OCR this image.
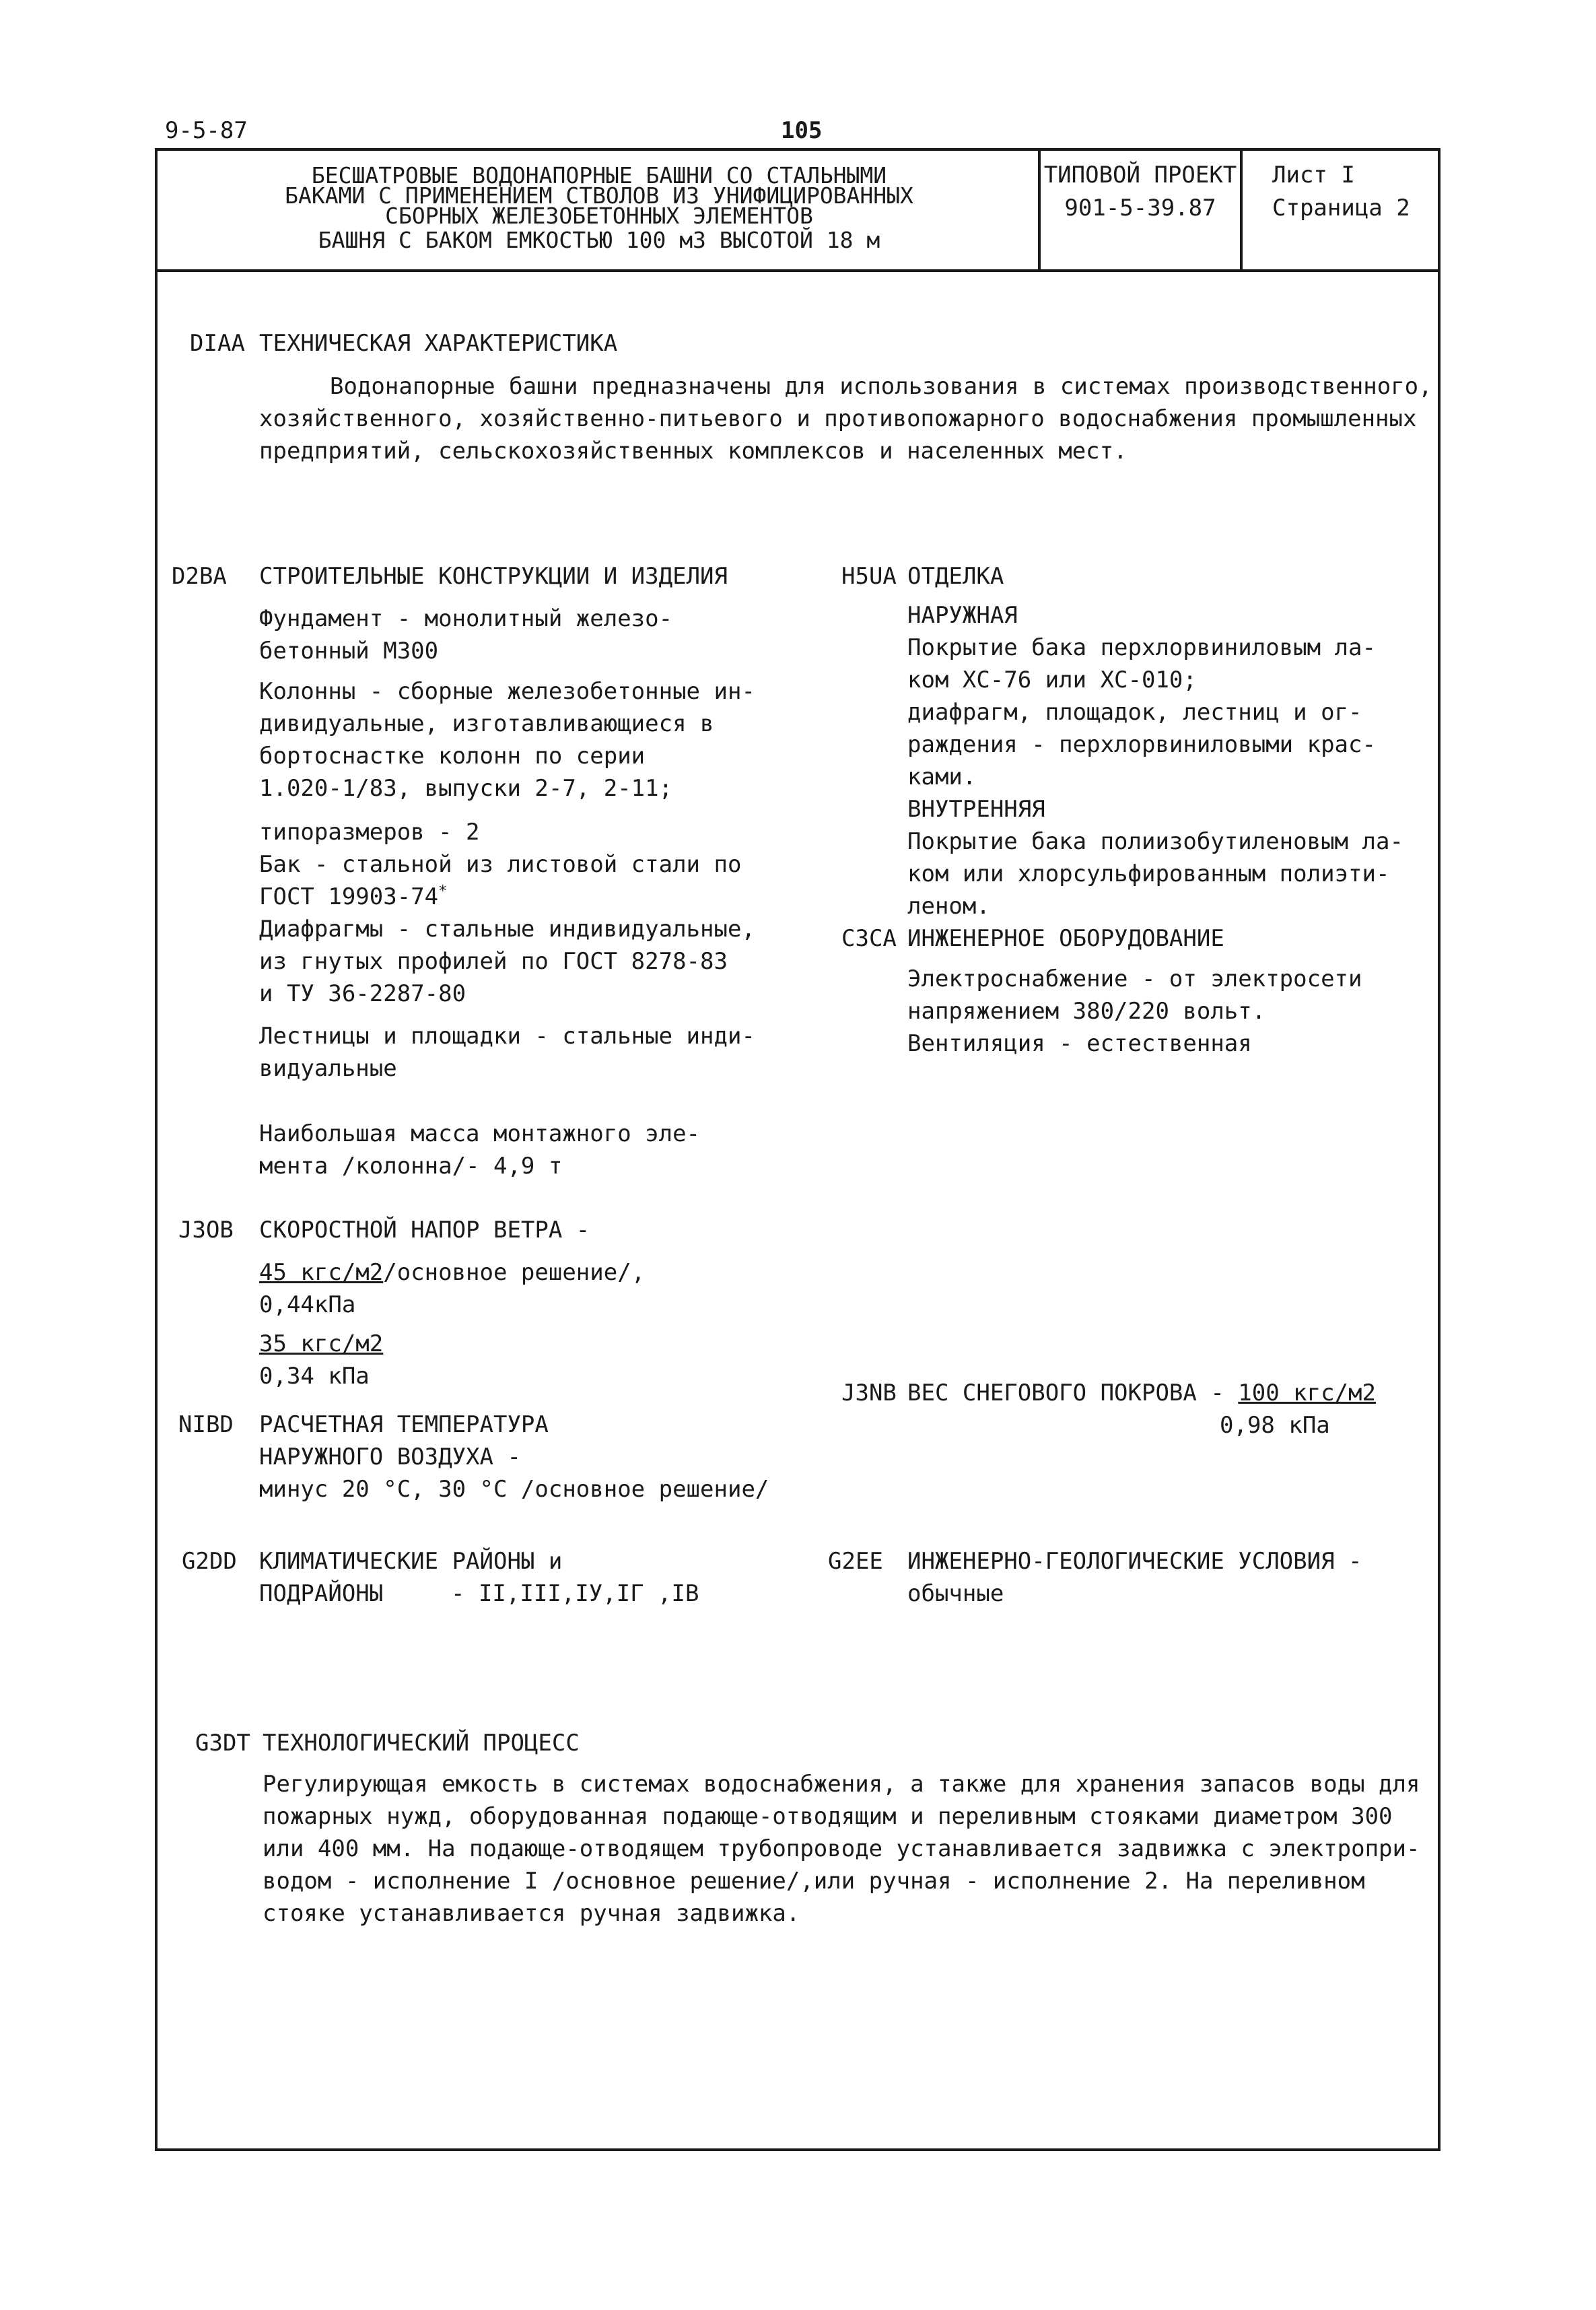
9-5-87	105
БЕСШАТРОВЫЕ ВОДОНАПОРНЫЕ БАШНИ СО СТАЛЬНЫМИ
БАКАМИ С ПРИМЕНЕНИЕМ СТВОЛОВ ИЗ УНИФИЦИРОВАННЫХ
СБОРНЫХ ЖЕЛЕЗОБЕТОННЫХ ЭЛЕМЕНТОВ
БАШНЯ С БАКОМ ЕМКОСТЬЮ 100 м3 ВЫСОТОЙ 18 м
ТИПОВОЙ ПРОЕКТ
901-5-39.87
Лист I
Страница 2
DIAA ТЕХНИЧЕСКАЯ ХАРАКТЕРИСТИКА
Водонапорные башни предназначены для использования в системах производственного,
хозяйственного, хозяйственно-питьевого и противопожарного водоснабжения промышленных
предприятий, сельскохозяйственных комплексов и населенных мест.
D2BA СТРОИТЕЛЬНЫЕ КОНСТРУКЦИИ И ИЗДЕЛИЯ
Фундамент - монолитный железо-
бетонный М300
Колонны - сборные железобетонные ин-
дивидуальные, изготавливающиеся в
бортоснастке колонн по серии
1.020-1/83, выпуски 2-7, 2-11;
типоразмеров - 2
Бак - стальной из листовой стали по
ГОСТ 19903-74*
Диафрагмы - стальные индивидуальные,
из гнутых профилей по ГОСТ 8278-83
и ТУ 36-2287-80
Лестницы и площадки - стальные инди-
видуальные
Наибольшая масса монтажного эле-
мента /колонна/- 4,9 т
H5UA ОТДЕЛКА
НАРУЖНАЯ
Покрытие бака перхлорвиниловым ла-
ком ХС-76 или ХС-010;
диафрагм, площадок, лестниц и ог-
раждения - перхлорвиниловыми крас-
ками.
ВНУТРЕННЯЯ
Покрытие бака полиизобутиленовым ла-
ком или хлорсульфированным полиэти-
леном.
C3CA ИНЖЕНЕРНОЕ ОБОРУДОВАНИЕ
Электроснабжение - от электросети
напряжением 380/220 вольт.
Вентиляция - естественная
J3OB СКОРОСТНОЙ НАПОР ВЕТРА -
45 кгс/м2/основное решение/,
0,44кПа
35 кгс/м2
0,34 кПа
J3NB ВЕС СНЕГОВОГО ПОКРОВА - 100 кгс/м2
0,98 кПа
NIBD РАСЧЕТНАЯ ТЕМПЕРАТУРА
НАРУЖНОГО ВОЗДУХА -
минус 20 °С, 30 °С /основное решение/
G2DD КЛИМАТИЧЕСКИЕ РАЙОНЫ и
ПОДРАЙОНЫ	- II,III,IУ,IГ ,IВ
G2EE ИНЖЕНЕРНО-ГЕОЛОГИЧЕСКИЕ УСЛОВИЯ -
обычные
G3DT ТЕХНОЛОГИЧЕСКИЙ ПРОЦЕСС
Регулирующая емкость в системах водоснабжения, а также для хранения запасов воды для
пожарных нужд, оборудованная подающе-отводящим и переливным стояками диаметром 300
или 400 мм. На подающе-отводящем трубопроводе устанавливается задвижка с электропри-
водом - исполнение I /основное решение/,или ручная - исполнение 2. На переливном
стояке устанавливается ручная задвижка.
